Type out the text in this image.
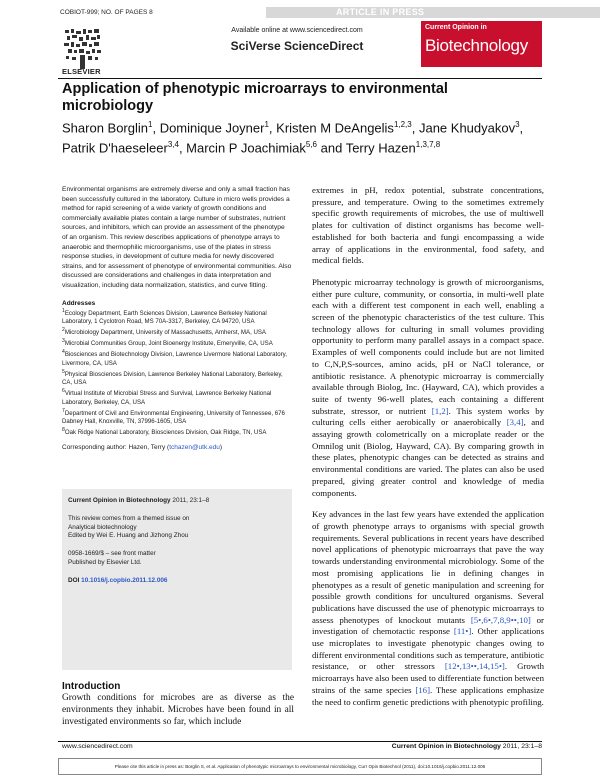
COBIOT-999; NO. OF PAGES 8	ARTICLE IN PRESS
ELSEVIER
Available online at www.sciencedirect.com
SciVerse ScienceDirect
Current Opinion in
Biotechnology
Application of phenotypic microarrays to environmental microbiology
Sharon Borglin$^1$, Dominique Joyner$^1$, Kristen M DeAngelis$^{1,2,3}$, Jane Khudyakov$^3$, Patrik D'haeseleer$^{3,4}$, Marcin P Joachimiak$^{5,6}$ and Terry Hazen$^{1,3,7,8}$

Environmental organisms are extremely diverse and only a small fraction has been successfully cultured in the laboratory. Culture in micro wells provides a method for rapid screening of a wide variety of growth conditions and commercially available plates contain a large number of substrates, nutrient sources, and inhibitors, which can provide an assessment of the phenotype of an organism. This review describes applications of phenotype arrays to anaerobic and thermophilic microorganisms, use of the plates in stress response studies, in development of culture media for newly discovered strains, and for assessment of phenotype of environmental communities. Also discussed are considerations and challenges in data interpretation and visualization, including data normalization, statistics, and curve fitting.

Addresses
$^1$Ecology Department, Earth Sciences Division, Lawrence Berkeley National Laboratory, 1 Cyclotron Road, MS 70A-3317, Berkeley, CA 94720, USA
$^2$Microbiology Department, University of Massachusetts, Amherst, MA, USA
$^3$Microbial Communities Group, Joint Bioenergy Institute, Emeryville, CA, USA
$^4$Biosciences and Biotechnology Division, Lawrence Livermore National Laboratory, Livermore, CA, USA
$^5$Physical Biosciences Division, Lawrence Berkeley National Laboratory, Berkeley, CA, USA
$^6$Virtual Institute of Microbial Stress and Survival, Lawrence Berkeley National Laboratory, Berkeley, CA, USA
$^7$Department of Civil and Environmental Engineering, University of Tennessee, 676 Dabney Hall, Knoxville, TN, 37996-1605, USA
$^8$Oak Ridge National Laboratory, Biosciences Division, Oak Ridge, TN, USA
Corresponding author: Hazen, Terry (tchazen@utk.edu)
Current Opinion in Biotechnology 2011, 23:1–8
This review comes from a themed issue on
Analytical biotechnology
Edited by Wei E. Huang and Jizhong Zhou
0958-1669/$ – see front matter
Published by Elsevier Ltd.
DOI 10.1016/j.copbio.2011.12.006
Introduction

Growth conditions for microbes are as diverse as the environments they inhabit. Microbes have been found in all investigated environments so far, which include

extremes in pH, redox potential, substrate concentrations, pressure, and temperature. Owing to the sometimes extremely specific growth requirements of microbes, the use of multiwell plates for cultivation of distinct organisms has become well-established for both bacteria and fungi encompassing a wide array of applications in the environmental, food safety, and medical fields.

Phenotypic microarray technology is growth of microorganisms, either pure culture, community, or consortia, in multi-well plate each with a different test component in each well, enabling a screen of the phenotypic characteristics of the test culture. This technology allows for culturing in small volumes providing opportunity to perform many parallel assays in a compact space. Examples of well components could include but are not limited to C,N,P,S-sources, amino acids, pH or NaCl tolerance, or antibiotic resistance. A phenotypic microarray is commercially available through Biolog, Inc. (Hayward, CA), which provides a suite of twenty 96-well plates, each containing a different substrate, stressor, or nutrient [1,2]. This system works by culturing cells either aerobically or anaerobically [3,4], and assaying growth colometrically on a microplate reader or the Omnilog unit (Biolog, Hayward, CA). By comparing growth in these plates, phenotypic changes can be detected as strains and environmental conditions are varied. The plates can also be used prepared, giving greater control and knowledge of media components.

Key advances in the last few years have extended the application of growth phenotype arrays to organisms with special growth requirements. Several publications in recent years have described novel applications of phenotypic microarrays that pave the way towards understanding environmental microbiology. Some of the most promising applications lie in defining changes in phenotypes as a result of genetic manipulation and screening for possible growth conditions for uncultured organisms. Several publications have discussed the use of phenotypic microarrays to assess phenotypes of knockout mutants [5•,6•,7,8,9••,10] or investigation of chemotactic response [11•]. Other applications use microplates to investigate phenotypic changes owing to different environmental conditions such as temperature, antibiotic resistance, or other stressors [12•,13••,14,15•]. Growth microarrays have also been used to differentiate function between strains of the same species [16]. These applications emphasize the need to confirm genetic predictions with phenotypic profiling.

www.sciencedirect.com	Current Opinion in Biotechnology 2011, 23:1–8
Please cite this article in press as: Borglin S, et al. Application of phenotypic microarrays to environmental microbiology, Curr Opin Biotechnol (2011), doi:10.1016/j.copbio.2011.12.006
